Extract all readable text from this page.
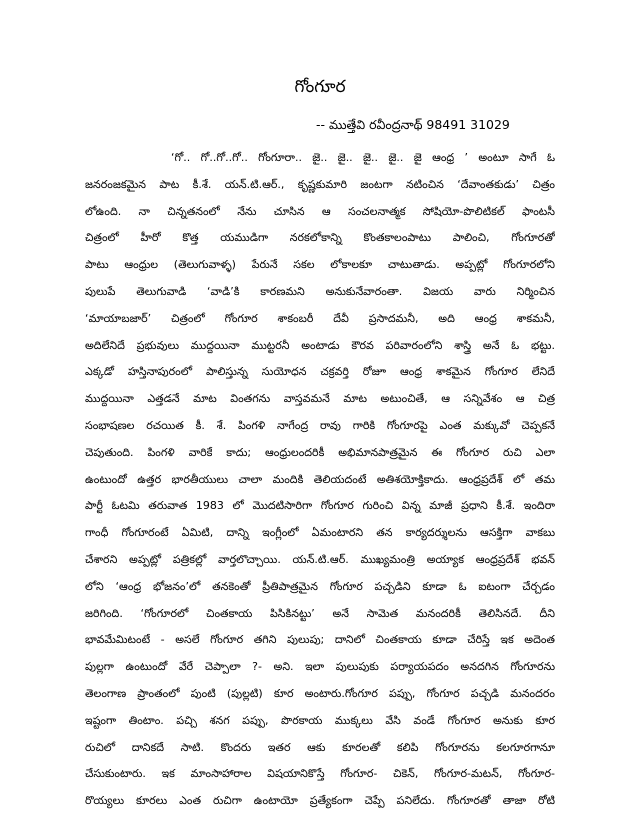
గోంగూర
-- ముత్తేవి రవీంద్రనాథ్ 98491 31029
‘గో.. గో..గో..గో.. గోంగూరా.. జై.. జై.. జై.. జై.. జై ఆంధ్ర ’ అంటూ సాగే ఓ
జనరంజకమైన పాట కీ.శే. యన్.టి.ఆర్., కృష్ణకుమారి జంటగా నటించిన ‘దేవాంతకుడు’ చిత్రం
లోఉంది. నా చిన్నతనంలో నేను చూసిన ఆ సంచలనాత్మక సోషియో-పొలిటికల్ ఫాంటసీ
చిత్రంలో హీరో కొత్త యముడిగా నరకలోకాన్ని కొంతకాలంపాటు పాలించి, గోంగూరతో
పాటు ఆంధ్రుల (తెలుగువాళ్ళ) పేరునే సకల లోకాలకూ చాటుతాడు. అప్పట్లో గోంగూరలోని
పులుపే తెలుగువాడి ‘వాడి’కి కారణమని అనుకునేవారంతా. విజయ వారు నిర్మించిన
‘మాయాబజార్’ చిత్రంలో గోంగూర శాకంబరీ దేవీ ప్రసాదమనీ, అది ఆంధ్ర శాకమనీ,
అదిలేనిదే ప్రభువులు ముద్దయినా ముట్టరనీ అంటాడు కౌరవ పరివారంలోని శాస్త్రి అనే ఓ భట్టు.
ఎక్కడో హస్తినాపురంలో పాలిస్తున్న సుయోధన చక్రవర్తి రోజూ ఆంధ్ర శాకమైన గోంగూర లేనిదే
ముద్దయినా ఎత్తడనే మాట వింతగను వాస్తవమనే మాట అటుంచితే, ఆ సన్నివేశం ఆ చిత్ర
సంభాషణల రచయిత కీ. శే. పింగళి నాగేంద్ర రావు గారికి గోంగూరపై ఎంత మక్కువో చెప్పకనే
చెపుతుంది. పింగళి వారికే కాదు; ఆంధ్రులందరికీ అభిమానపాత్రమైన ఈ గోంగూర రుచి ఎలా
ఉంటుందో ఉత్తర భారతీయులు చాలా మందికి తెలియదంటే అతిశయోక్తికాదు. ఆంధ్రప్రదేశ్ లో తమ
పార్టీ ఓటమి తరువాత 1983 లో మొదటిసారిగా గోంగూర గురించి విన్న మాజీ ప్రధాని కీ.శే. ఇందిరా
గాంధీ గోంగూరంటే ఏమిటి, దాన్ని ఇంగ్లీంలో ఏమంటారని తన కార్యదర్శులను ఆసక్తిగా వాకబు
చేశారని అప్పట్లో పత్రికల్లో వార్తలొచ్చాయి. యన్.టి.ఆర్. ముఖ్యమంత్రి అయ్యాక ఆంధ్రప్రదేశ్ భవన్
లోని ‘ఆంధ్ర భోజనం’లో తనకెంతో ప్రీతిపాత్రమైన గోంగూర పచ్చడిని కూడా ఓ ఐటంగా చేర్చడం
జరిగింది. ‘గోంగూరలో చింతకాయ పిసికినట్టు’ అనే సామెత మనందరికీ తెలిసినదే. దీని
భావమేమిటంటే - అసలే గోంగూర తగిని పులుపు; దానిలో చింతకాయ కూడా చేరిస్తే ఇక అదెంత
పుల్లగా ఉంటుందో వేరే చెప్పాలా ?- అని. ఇలా పులుపుకు పర్యాయపదం అనదగిన గోంగూరను
తెలంగాణ ప్రాంతంలో పుంటి (పుల్లటి) కూర అంటారు.గోంగూర పప్పు, గోంగూర పచ్చడి మనందరం
ఇష్టంగా తింటాం. పచ్చి శనగ పప్పు, పొరకాయ ముక్కలు వేసి వండే గోంగూర అనుకు కూర
రుచిలో దానికదే సాటి. కొందరు ఇతర ఆకు కూరలతో కలిపి గోంగూరను కలగూరగానూ
చేసుకుంటారు. ఇక మాంసాహారాల విషయానికొస్తే గోంగూర- చికెన్, గోంగూర-మటన్, గోంగూర-
రొయ్యలు కూరలు ఎంత రుచిగా ఉంటాయో ప్రత్యేకంగా చెప్పే పనిలేదు. గోంగూరతో తాజా రోటి
